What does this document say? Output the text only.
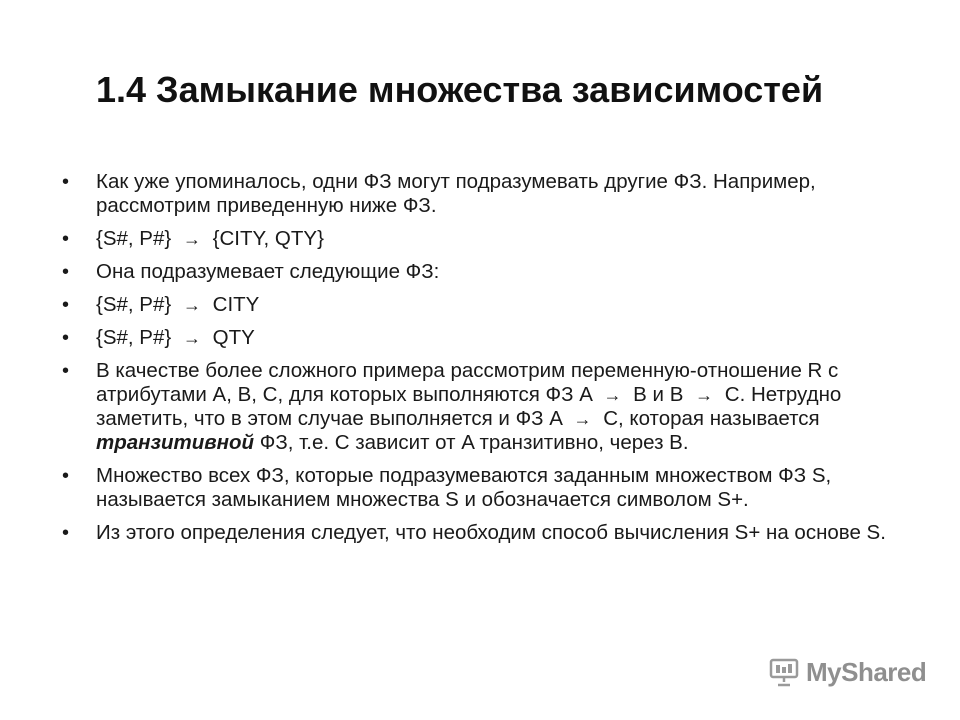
1.4 Замыкание множества зависимостей
• Как уже упоминалось, одни ФЗ могут подразумевать другие ФЗ. Например, рассмотрим приведенную ниже ФЗ.
• {S#, P#} → {CITY, QTY}
• Она подразумевает следующие ФЗ:
• {S#, P#} → CITY
• {S#, P#} → QTY
• В качестве более сложного примера рассмотрим переменную-отношение R с атрибутами A, B, C, для которых выполняются ФЗ A → B и B → C. Нетрудно заметить, что в этом случае выполняется и ФЗ A → C, которая называется транзитивной ФЗ, т.е. C зависит от A транзитивно, через B.
• Множество всех ФЗ, которые подразумеваются заданным множеством ФЗ S, называется замыканием множества S и обозначается символом S+.
• Из этого определения следует, что необходим способ вычисления S+ на основе S.
MyShared
